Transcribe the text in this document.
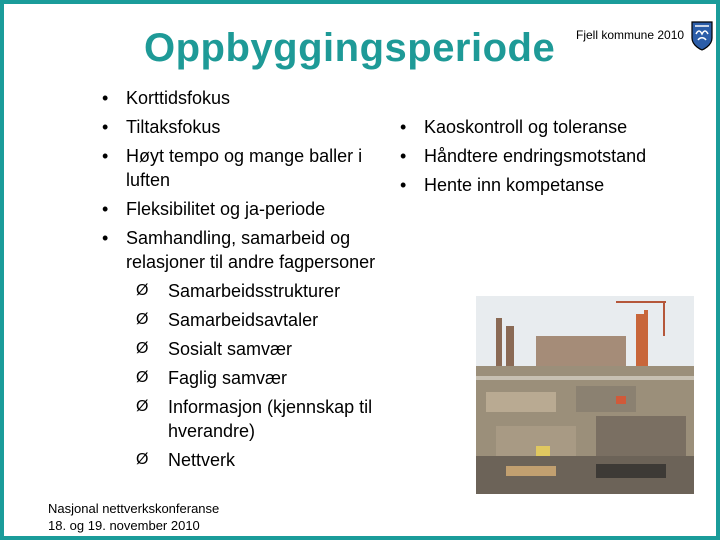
Oppbyggingsperiode Fjell kommune 2010
• Korttidsfokus
• Tiltaksfokus
• Høyt tempo og mange baller i luften
• Fleksibilitet og ja-periode
• Samhandling, samarbeid og relasjoner til andre fagpersoner
Ø Samarbeidsstrukturer
Ø Samarbeidsavtaler
Ø Sosialt samvær
Ø Faglig samvær
Ø Informasjon (kjennskap til hverandre)
Ø Nettverk
• Kaoskontroll og toleranse
• Håndtere endringsmotstand
• Hente inn kompetanse
Nasjonal nettverkskonferanse
18. og 19. november 2010
